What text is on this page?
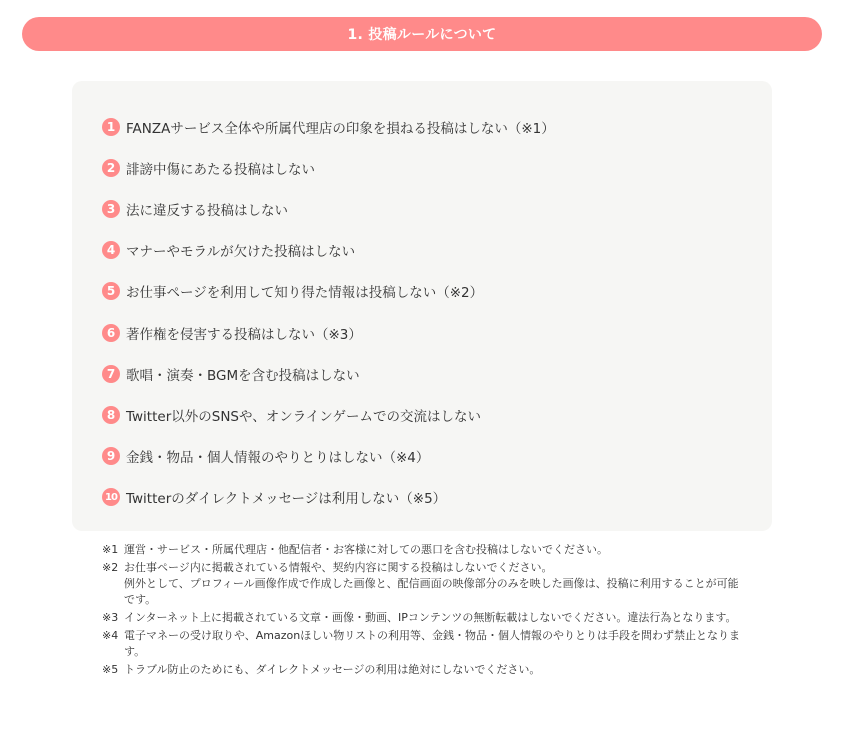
1. 投稿ルールについて
1 FANZAサービス全体や所属代理店の印象を損ねる投稿はしない（※1）
2 誹謗中傷にあたる投稿はしない
3 法に違反する投稿はしない
4 マナーやモラルが欠けた投稿はしない
5 お仕事ページを利用して知り得た情報は投稿しない（※2）
6 著作権を侵害する投稿はしない（※3）
7 歌唱・演奏・BGMを含む投稿はしない
8 Twitter以外のSNSや、オンラインゲームでの交流はしない
9 金銭・物品・個人情報のやりとりはしない（※4）
10 Twitterのダイレクトメッセージは利用しない（※5）
※1 運営・サービス・所属代理店・他配信者・お客様に対しての悪口を含む投稿はしないでください。

※2 お仕事ページ内に掲載されている情報や、契約内容に関する投稿はしないでください。

例外として、プロフィール画像作成で作成した画像と、配信画面の映像部分のみを映した画像は、投稿に利用することが可能です。

※3 インターネット上に掲載されている文章・画像・動画、IPコンテンツの無断転載はしないでください。違法行為となります。

※4 電子マネーの受け取りや、Amazonほしい物リストの利用等、金銭・物品・個人情報のやりとりは手段を問わず禁止となります。

※5 トラブル防止のためにも、ダイレクトメッセージの利用は絶対にしないでください。
